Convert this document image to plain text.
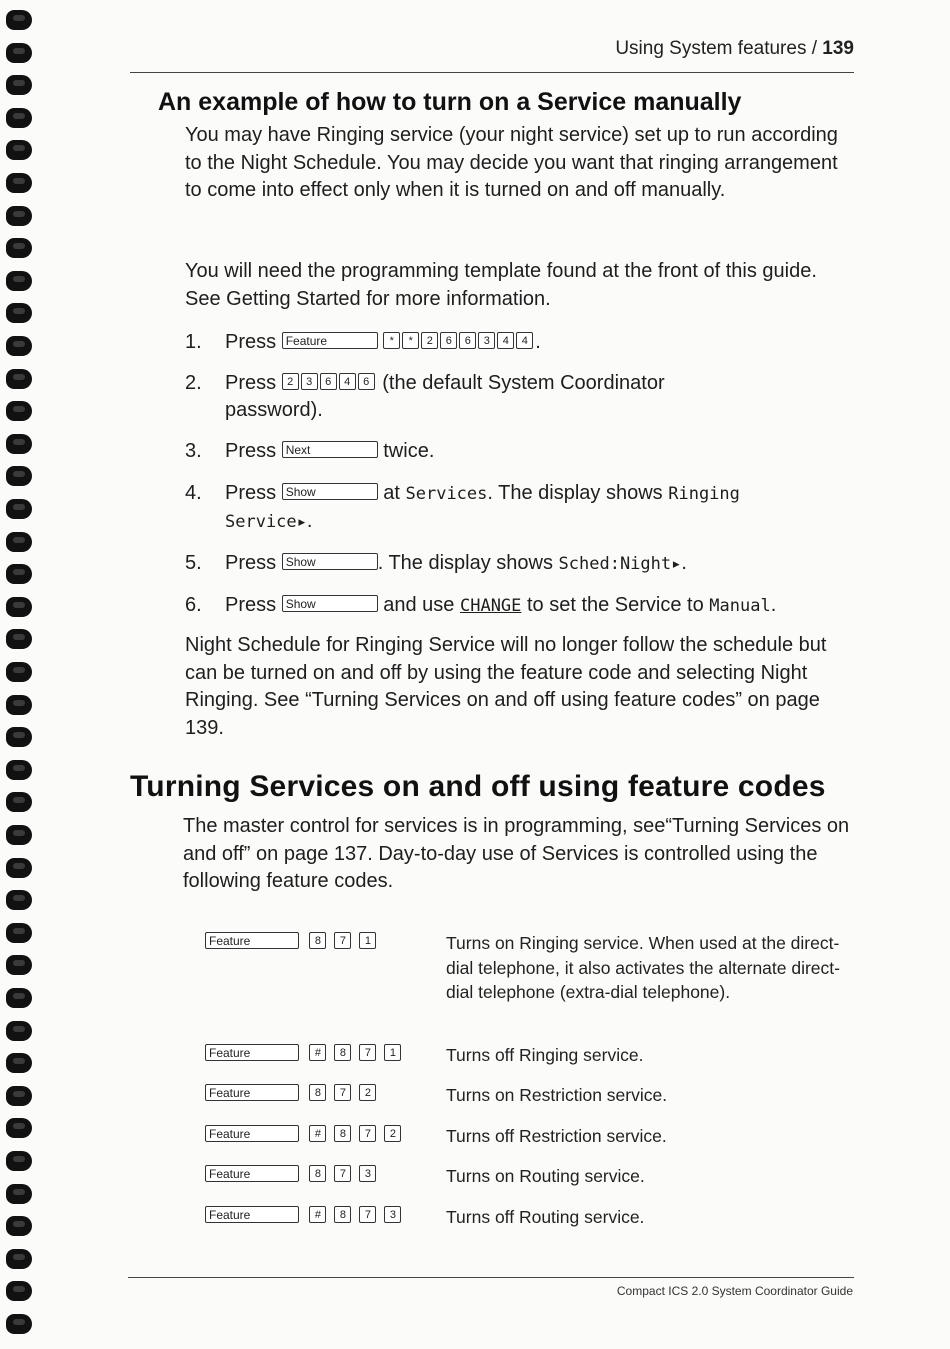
Using System features / 139
An example of how to turn on a Service manually

You may have Ringing service (your night service) set up to run according to the Night Schedule. You may decide you want that ringing arrangement to come into effect only when it is turned on and off manually.

You will need the programming template found at the front of this guide. See Getting Started for more information.

1. Press Feature	* * 2 6 6 3 4 4 .
2. Press 2 3 6 4 6 (the default System Coordinator
password).
3. Press Next	twice.
4. Press Show	at Services. The display shows Ringing
Service▸.
5. Press Show	. The display shows Sched:Night▸.
6. Press Show	and use CHANGE to set the Service to Manual.

Night Schedule for Ringing Service will no longer follow the schedule but can be turned on and off by using the feature code and selecting Night Ringing. See “Turning Services on and off using feature codes” on page 139.

Turning Services on and off using feature codes

The master control for services is in programming, see“Turning Services on and off” on page 137. Day-to-day use of Services is controlled using the following feature codes.

Feature	8 7 1	Turns on Ringing service. When used at the direct-dial telephone, it also activates the alternate direct-dial telephone (extra-dial telephone).
Feature	# 8 7 1	Turns off Ringing service.
Feature	8 7 2	Turns on Restriction service.
Feature	# 8 7 2	Turns off Restriction service.
Feature	8 7 3	Turns on Routing service.
Feature	# 8 7 3	Turns off Routing service.
Compact ICS 2.0 System Coordinator Guide
